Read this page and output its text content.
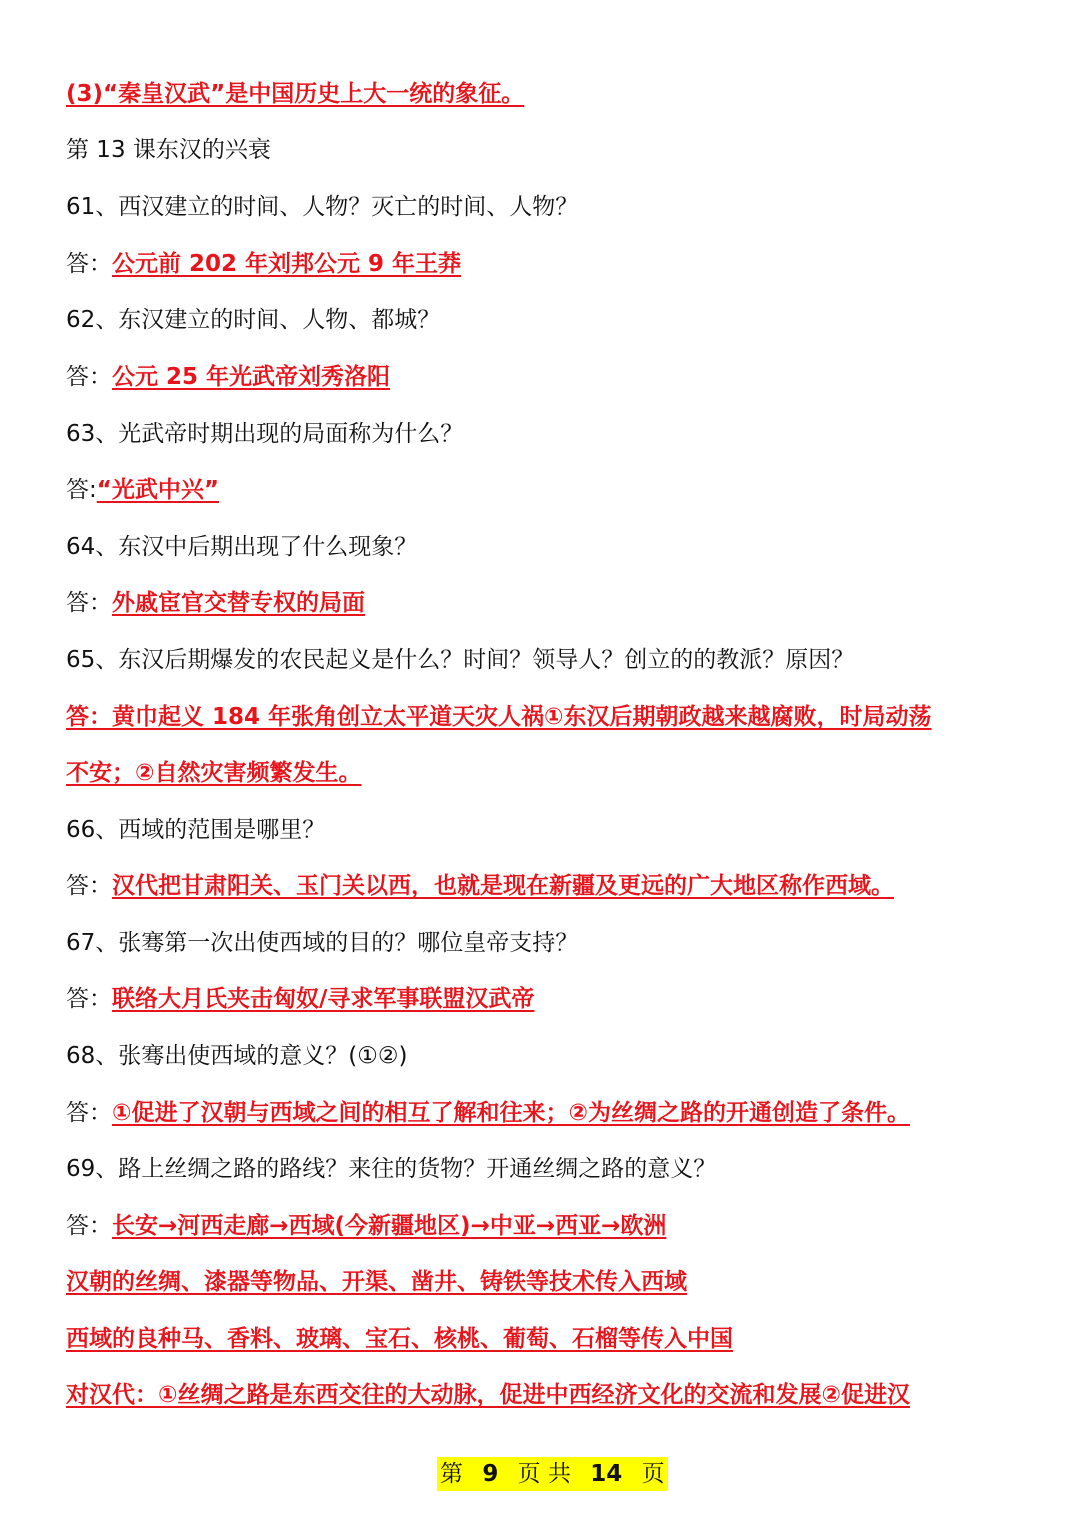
(3)“秦皇汉武”是中国历史上大一统的象征。
第 13 课东汉的兴衰
61、西汉建立的时间、人物？灭亡的时间、人物？
答：公元前 202 年刘邦公元 9 年王莽
62、东汉建立的时间、人物、都城？
答：公元 25 年光武帝刘秀洛阳
63、光武帝时期出现的局面称为什么？
答:“光武中兴”
64、东汉中后期出现了什么现象？
答：外戚宦官交替专权的局面
65、东汉后期爆发的农民起义是什么？时间？领导人？创立的的教派？原因？
答：黄巾起义 184 年张角创立太平道天灾人祸①东汉后期朝政越来越腐败，时局动荡
不安；②自然灾害频繁发生。
66、西域的范围是哪里？
答：汉代把甘肃阳关、玉门关以西，也就是现在新疆及更远的广大地区称作西域。
67、张骞第一次出使西域的目的？哪位皇帝支持？
答：联络大月氏夹击匈奴/寻求军事联盟汉武帝
68、张骞出使西域的意义？(①②)
答：①促进了汉朝与西域之间的相互了解和往来；②为丝绸之路的开通创造了条件。
69、路上丝绸之路的路线？来往的货物？开通丝绸之路的意义？
答：长安→河西走廊→西域(今新疆地区)→中亚→西亚→欧洲
汉朝的丝绸、漆器等物品、开渠、凿井、铸铁等技术传入西域
西域的良种马、香料、玻璃、宝石、核桃、葡萄、石榴等传入中国
对汉代：①丝绸之路是东西交往的大动脉，促进中西经济文化的交流和发展②促进汉
第 9 页 共 14 页
